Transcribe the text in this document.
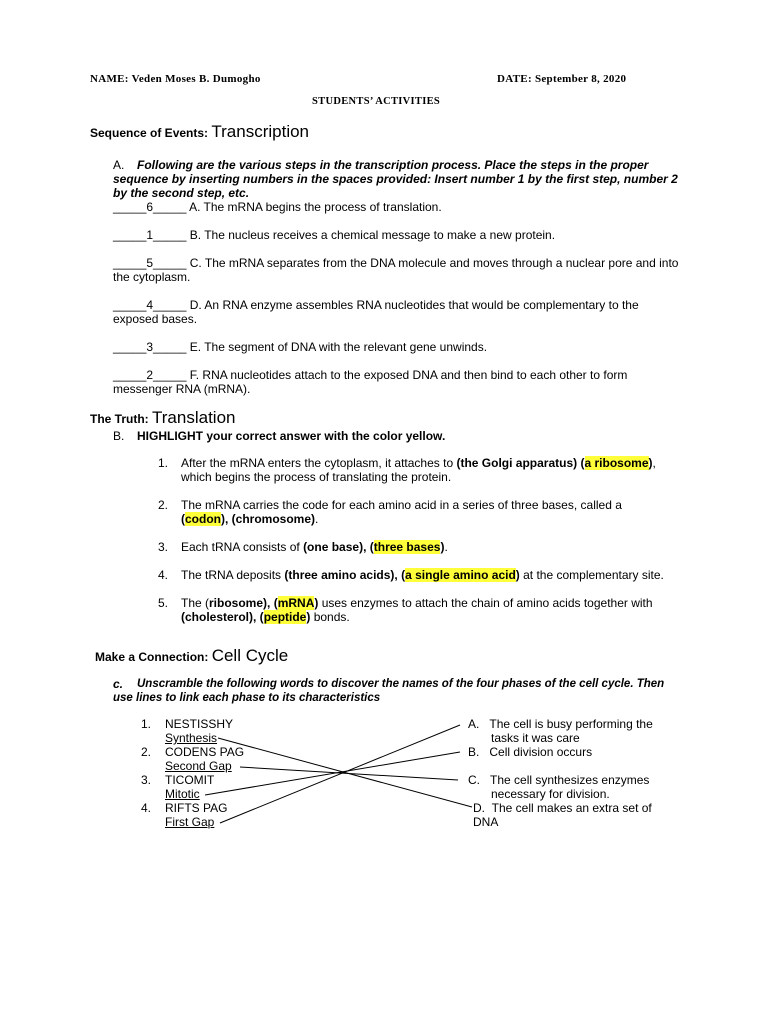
NAME: Veden Moses B. Dumogho	DATE: September 8, 2020
STUDENTS’ ACTIVITIES
Sequence of Events: Transcription
A.	Following are the various steps in the transcription process. Place the steps in the proper sequence by inserting numbers in the spaces provided: Insert number 1 by the first step, number 2 by the second step, etc.
_____6_____ A. The mRNA begins the process of translation.
_____1_____ B. The nucleus receives a chemical message to make a new protein.
_____5_____ C. The mRNA separates from the DNA molecule and moves through a nuclear pore and into the cytoplasm.
_____4_____ D. An RNA enzyme assembles RNA nucleotides that would be complementary to the exposed bases.
_____3_____ E. The segment of DNA with the relevant gene unwinds.
_____2_____ F. RNA nucleotides attach to the exposed DNA and then bind to each other to form messenger RNA (mRNA).
The Truth: Translation
B. HIGHLIGHT your correct answer with the color yellow.
1. After the mRNA enters the cytoplasm, it attaches to (the Golgi apparatus) (a ribosome),

which begins the process of translating the protein.

2. The mRNA carries the code for each amino acid in a series of three bases, called a

(codon), (chromosome).

3. Each tRNA consists of (one base), (three bases).

4. The tRNA deposits (three amino acids), (a single amino acid) at the complementary site.

5. The (ribosome), (mRNA) uses enzymes to attach the chain of amino acids together with

(cholesterol), (peptide) bonds.

Make a Connection: Cell Cycle
c.	Unscramble the following words to discover the names of the four phases of the cell cycle. Then use lines to link each phase to its characteristics
1. NESTISSHY

Synthesis

2. CODENS PAG

Second Gap

3. TICOMIT

Mitotic

4. RIFTS PAG

First Gap

A. The cell is busy performing the

tasks it was care

B. Cell division occurs

C. The cell synthesizes enzymes

necessary for division.

D. The cell makes an extra set of

DNA
